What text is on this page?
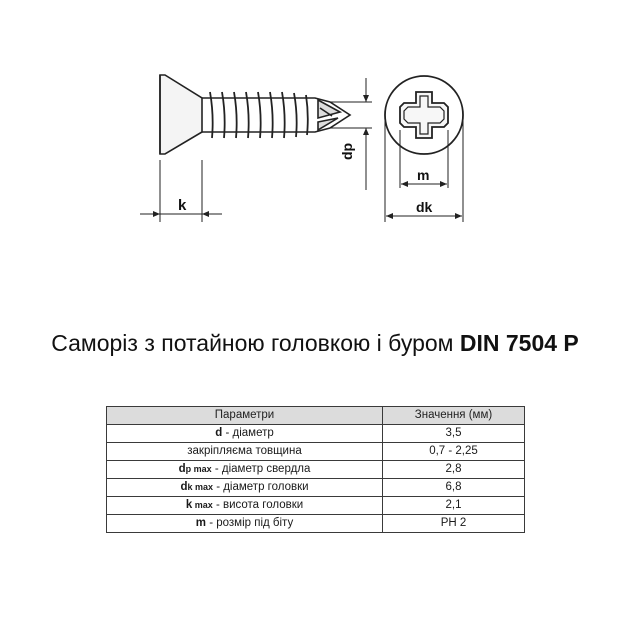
dp
k
m
dk
Саморіз з потайною головкою і буром DIN 7504 P
Параметри	Значення (мм)
d - діаметр	3,5
закріпляєма товщина	0,7 - 2,25
dp max - діаметр свердла	2,8
dk max - діаметр головки	6,8
k max - висота головки	2,1
m - розмір під біту	PH 2
